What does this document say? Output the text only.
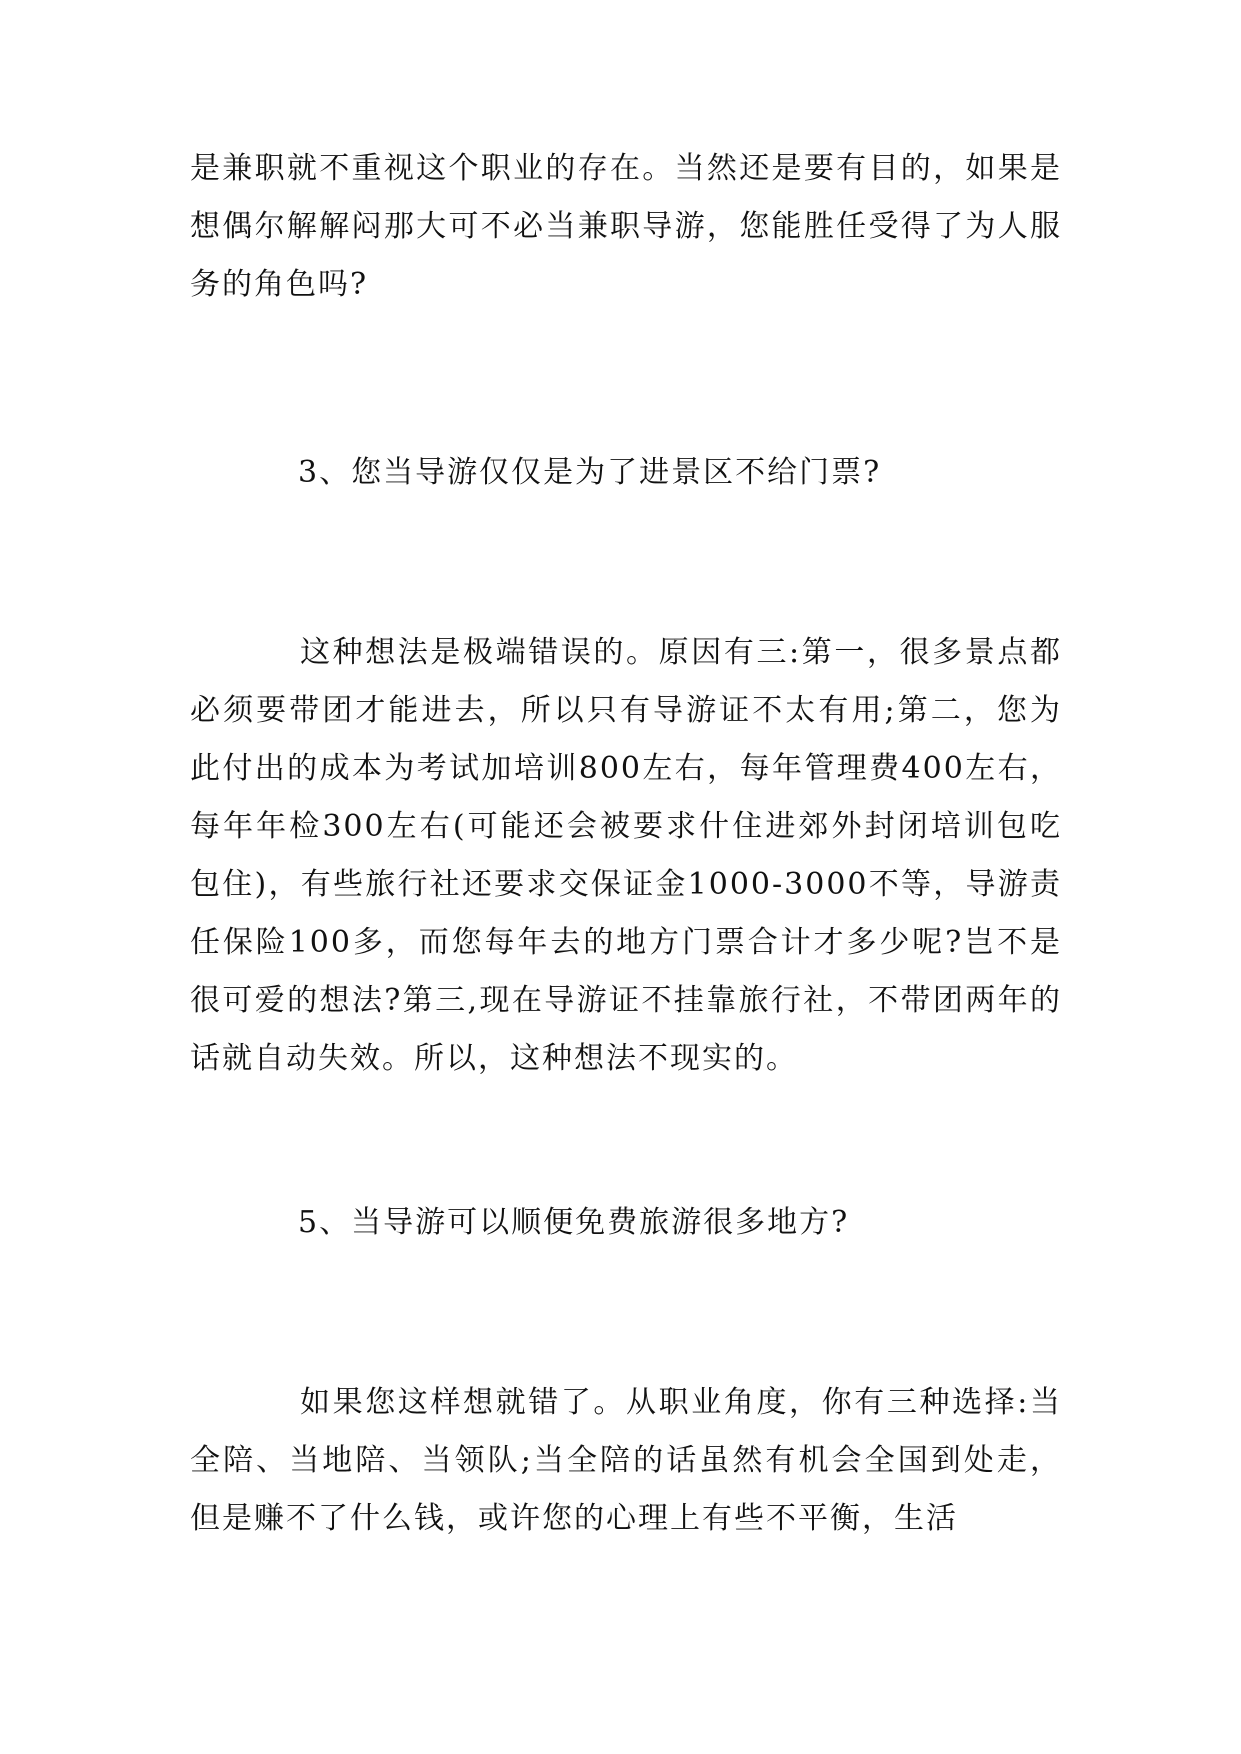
是兼职就不重视这个职业的存在。当然还是要有目的，如果是想偶尔解解闷那大可不必当兼职导游，您能胜任受得了为人服务的角色吗?

3、您当导游仅仅是为了进景区不给门票?

这种想法是极端错误的。原因有三:第一，很多景点都必须要带团才能进去，所以只有导游证不太有用;第二，您为此付出的成本为考试加培训800左右，每年管理费400左右，每年年检300左右(可能还会被要求什住进郊外封闭培训包吃包住)，有些旅行社还要求交保证金1000-3000不等，导游责任保险100多，而您每年去的地方门票合计才多少呢?岂不是很可爱的想法?第三,现在导游证不挂靠旅行社，不带团两年的话就自动失效。所以，这种想法不现实的。

5、当导游可以顺便免费旅游很多地方?

如果您这样想就错了。从职业角度，你有三种选择:当全陪、当地陪、当领队;当全陪的话虽然有机会全国到处走，但是赚不了什么钱，或许您的心理上有些不平衡，生活
